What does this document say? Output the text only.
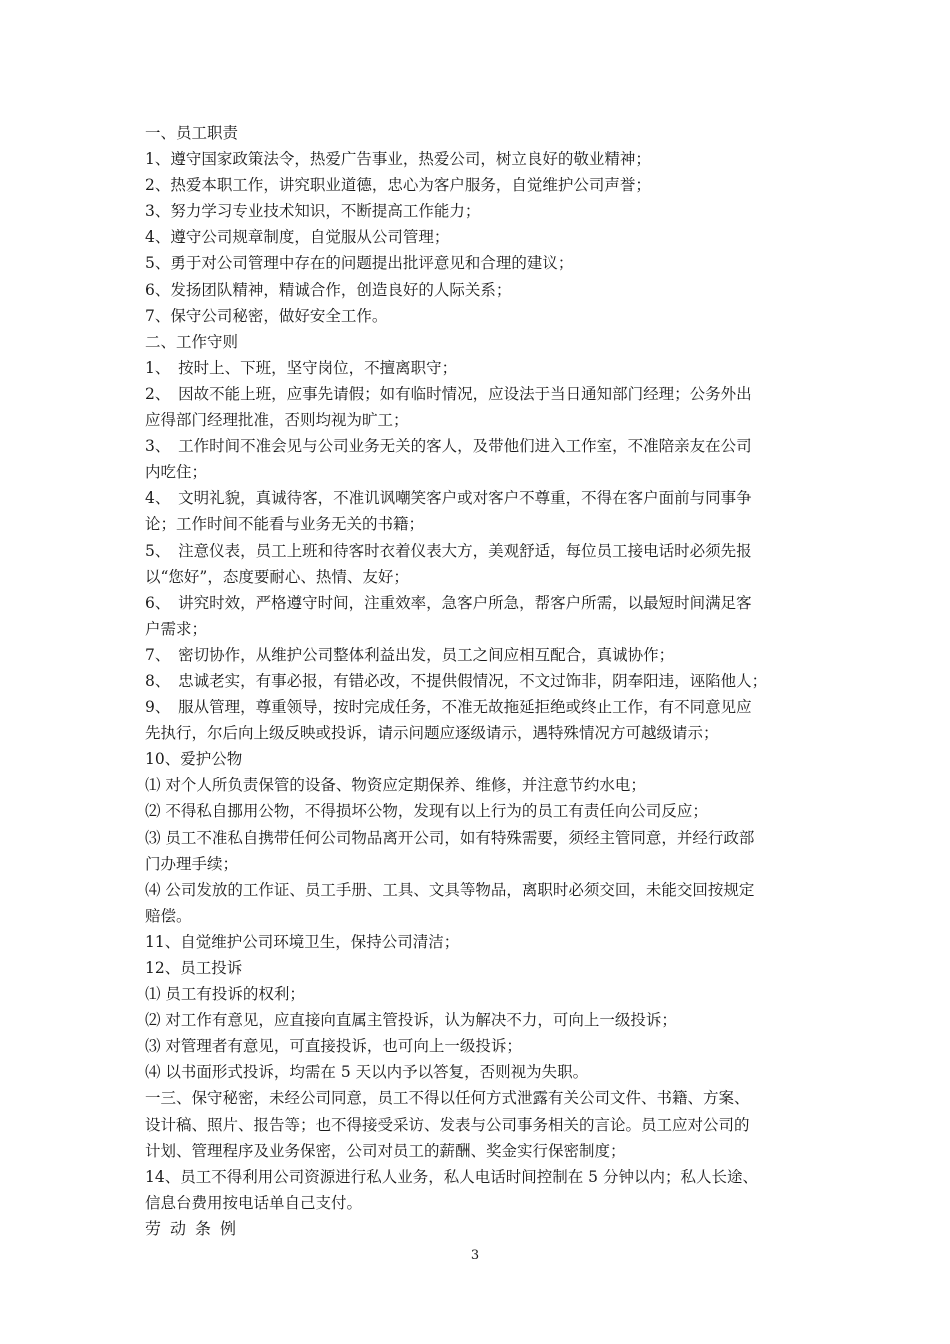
一、员工职责

1、遵守国家政策法令，热爱广告事业，热爱公司，树立良好的敬业精神；

2、热爱本职工作，讲究职业道德，忠心为客户服务，自觉维护公司声誉；

3、努力学习专业技术知识，不断提高工作能力；

4、遵守公司规章制度，自觉服从公司管理；

5、勇于对公司管理中存在的问题提出批评意见和合理的建议；

6、发扬团队精神，精诚合作，创造良好的人际关系；

7、保守公司秘密，做好安全工作。

二、工作守则

1、　按时上、下班，坚守岗位，不擅离职守；

2、　因故不能上班，应事先请假；如有临时情况，应设法于当日通知部门经理；公务外出

应得部门经理批准，否则均视为旷工；

3、　工作时间不准会见与公司业务无关的客人，及带他们进入工作室，不准陪亲友在公司

内吃住；

4、　文明礼貌，真诚待客，不准讥讽嘲笑客户或对客户不尊重，不得在客户面前与同事争

论；工作时间不能看与业务无关的书籍；

5、　注意仪表，员工上班和待客时衣着仪表大方，美观舒适，每位员工接电话时必须先报

以“您好”，态度要耐心、热情、友好；

6、　讲究时效，严格遵守时间，注重效率，急客户所急，帮客户所需，以最短时间满足客

户需求；

7、　密切协作，从维护公司整体利益出发，员工之间应相互配合，真诚协作；

8、　忠诚老实，有事必报，有错必改，不提供假情况，不文过饰非，阴奉阳违，诬陷他人；

9、　服从管理，尊重领导，按时完成任务，不准无故拖延拒绝或终止工作，有不同意见应

先执行，尔后向上级反映或投诉，请示问题应逐级请示，遇特殊情况方可越级请示；

10、爱护公物

⑴ 对个人所负责保管的设备、物资应定期保养、维修，并注意节约水电；

⑵ 不得私自挪用公物，不得损坏公物，发现有以上行为的员工有责任向公司反应；

⑶ 员工不准私自携带任何公司物品离开公司，如有特殊需要，须经主管同意，并经行政部

门办理手续；

⑷ 公司发放的工作证、员工手册、工具、文具等物品，离职时必须交回，未能交回按规定

赔偿。

11、自觉维护公司环境卫生，保持公司清洁；

12、员工投诉

⑴ 员工有投诉的权利；

⑵ 对工作有意见，应直接向直属主管投诉，认为解决不力，可向上一级投诉；

⑶ 对管理者有意见，可直接投诉，也可向上一级投诉；

⑷ 以书面形式投诉，均需在 5 天以内予以答复，否则视为失职。

一三、保守秘密，未经公司同意，员工不得以任何方式泄露有关公司文件、书籍、方案、

设计稿、照片、报告等；也不得接受采访、发表与公司事务相关的言论。员工应对公司的

计划、管理程序及业务保密，公司对员工的薪酬、奖金实行保密制度；

14、员工不得利用公司资源进行私人业务，私人电话时间控制在 5 分钟以内；私人长途、

信息台费用按电话单自己支付。

劳动条例

3
